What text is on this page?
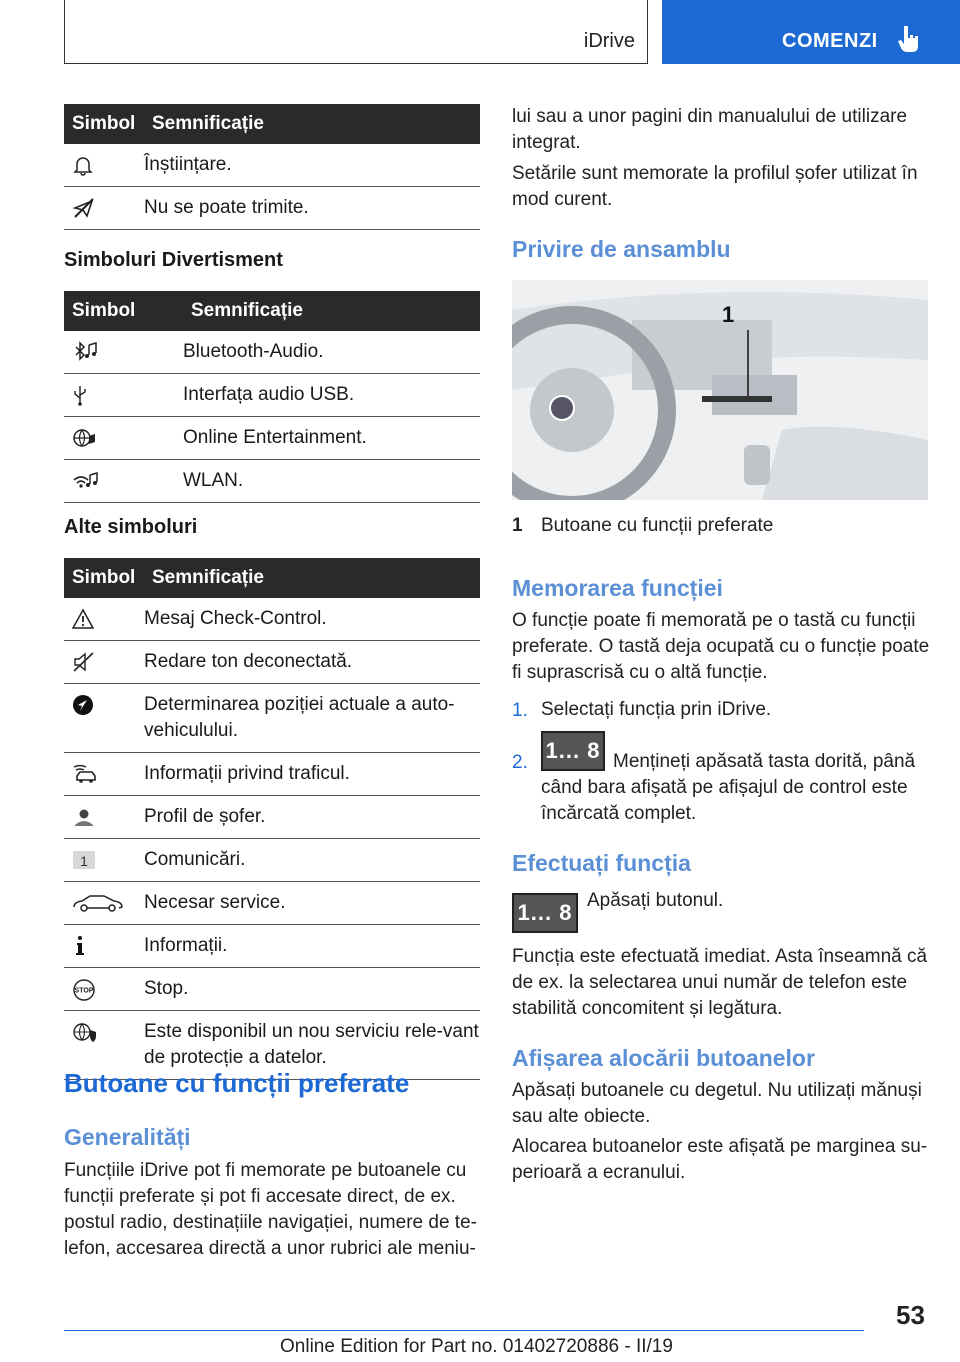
iDrive	COMENZI
Simbol	Semnificație

	Înștiințare.

	Nu se poate trimite.
Simboluri Divertisment
Simbol	Semnificație

	Bluetooth-Audio.

	Interfața audio USB.

	Online Entertainment.

	WLAN.
Alte simboluri
Simbol	Semnificație

	Mesaj Check-Control.

	Redare ton deconectată.

	Determinarea poziției actuale a auto-vehiculului.

	Informații privind traficul.

	Profil de șofer.

1	Comunicări.

	Necesar service.

	Informații.

STOP	Stop.

	Este disponibil un nou serviciu rele-vant de protecție a datelor.
Butoane cu funcții preferate
Generalități
Funcțiile iDrive pot fi memorate pe butoanele cu funcții preferate și pot fi accesate direct, de ex. postul radio, destinațiile navigației, numere de te-lefon, accesarea directă a unor rubrici ale meniu-
lui sau a unor pagini din manualului de utilizare integrat.
Setările sunt memorate la profilul șofer utilizat în mod curent.
Privire de ansamblu
1
1 Butoane cu funcții preferate
Memorarea funcției
O funcție poate fi memorată pe o tastă cu funcții preferate. O tastă deja ocupată cu o funcție poate fi suprascrisă cu o altă funcție.
1. Selectați funcția prin iDrive.
2. 1... 8 Mențineți apăsată tasta dorită, până când bara afișată pe afișajul de control este încărcată complet.
Efectuați funcția
1... 8 Apăsați butonul.
Funcția este efectuată imediat. Asta înseamnă că de ex. la selectarea unui număr de telefon este stabilită concomitent și legătura.
Afișarea alocării butoanelor
Apăsați butoanele cu degetul. Nu utilizați mănuși sau alte obiecte.
Alocarea butoanelor este afișată pe marginea su-perioară a ecranului.
53
Online Edition for Part no. 01402720886 - II/19
